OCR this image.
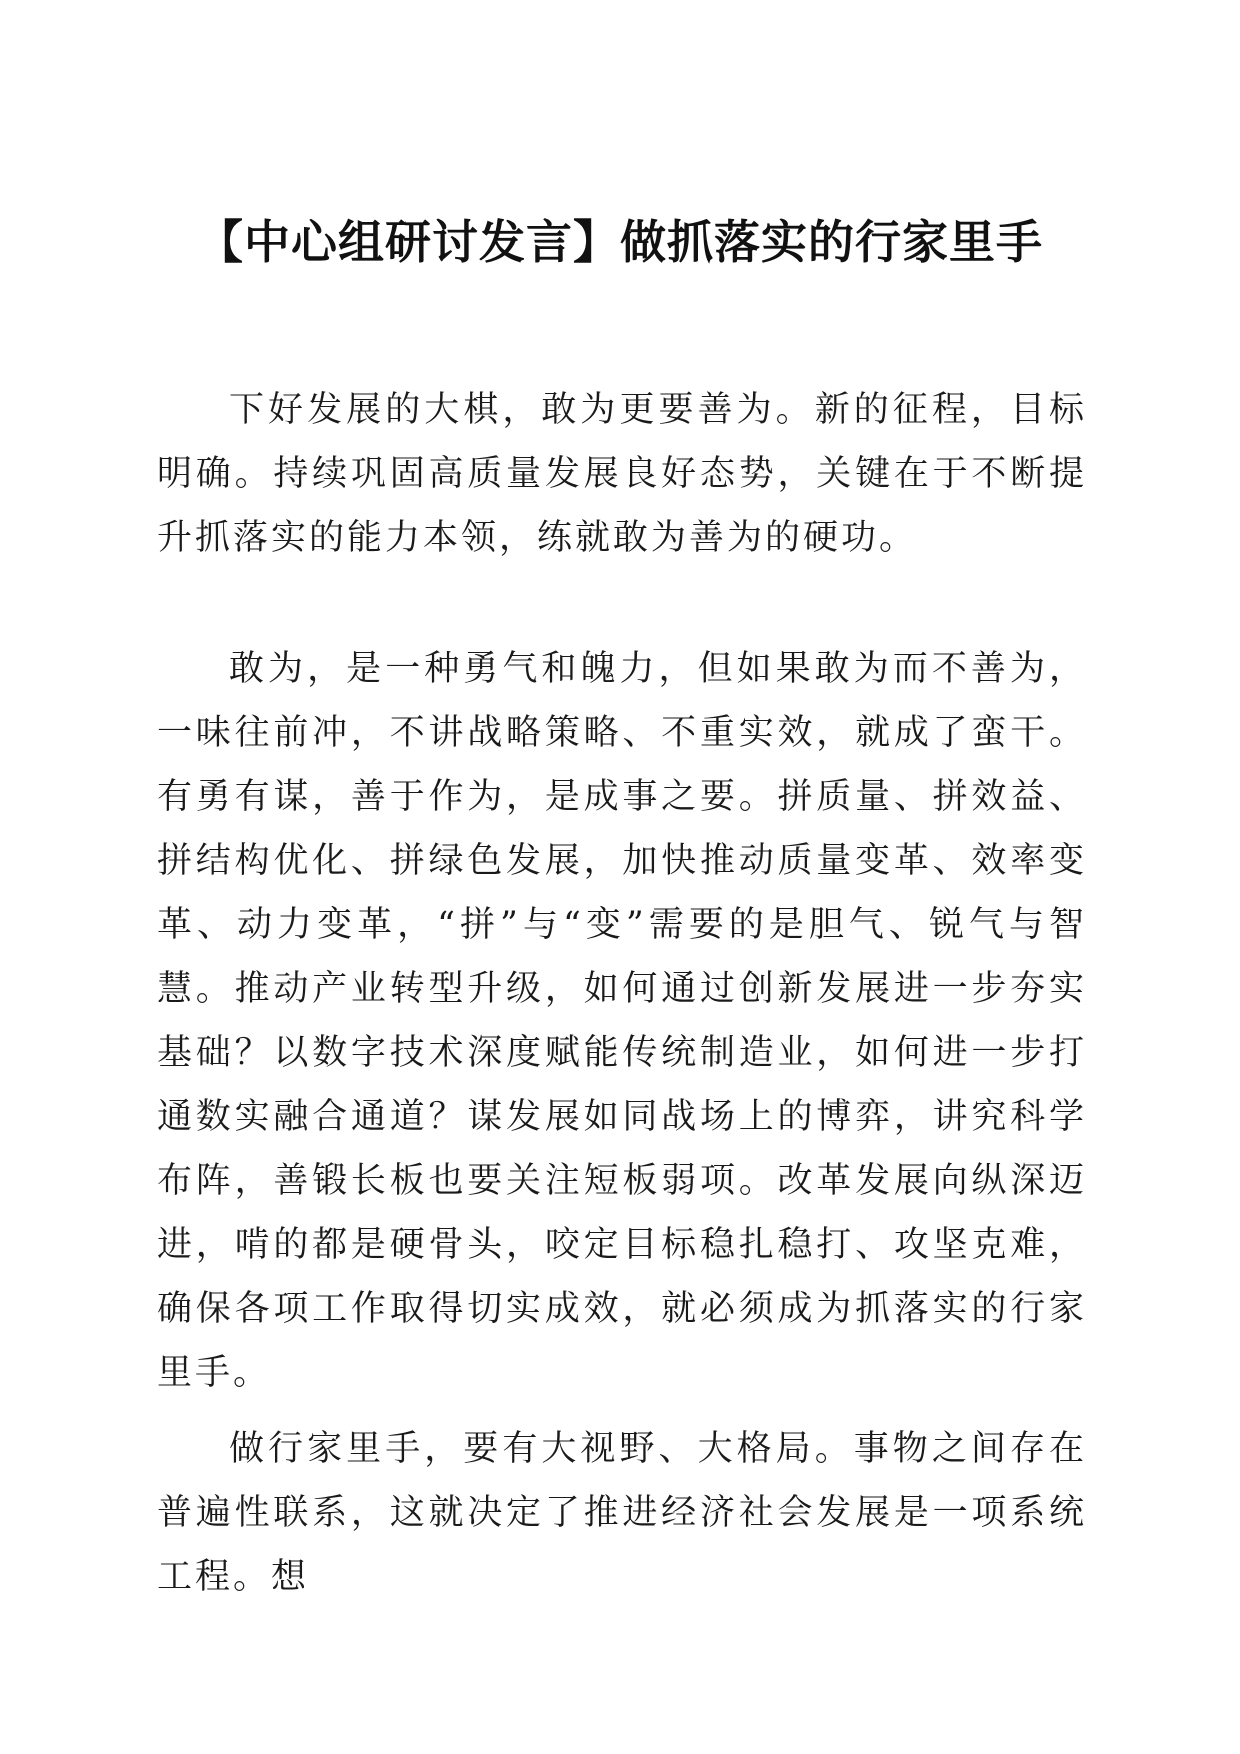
【中心组研讨发言】做抓落实的行家里手

下好发展的大棋，敢为更要善为。新的征程，目标明确。持续巩固高质量发展良好态势，关键在于不断提升抓落实的能力本领，练就敢为善为的硬功。

敢为，是一种勇气和魄力，但如果敢为而不善为，一味往前冲，不讲战略策略、不重实效，就成了蛮干。有勇有谋，善于作为，是成事之要。拼质量、拼效益、拼结构优化、拼绿色发展，加快推动质量变革、效率变革、动力变革，“拼”与“变”需要的是胆气、锐气与智慧。推动产业转型升级，如何通过创新发展进一步夯实基础？以数字技术深度赋能传统制造业，如何进一步打通数实融合通道？谋发展如同战场上的博弈，讲究科学布阵，善锻长板也要关注短板弱项。改革发展向纵深迈进，啃的都是硬骨头，咬定目标稳扎稳打、攻坚克难，确保各项工作取得切实成效，就必须成为抓落实的行家里手。

做行家里手，要有大视野、大格局。事物之间存在普遍性联系，这就决定了推进经济社会发展是一项系统工程。想
